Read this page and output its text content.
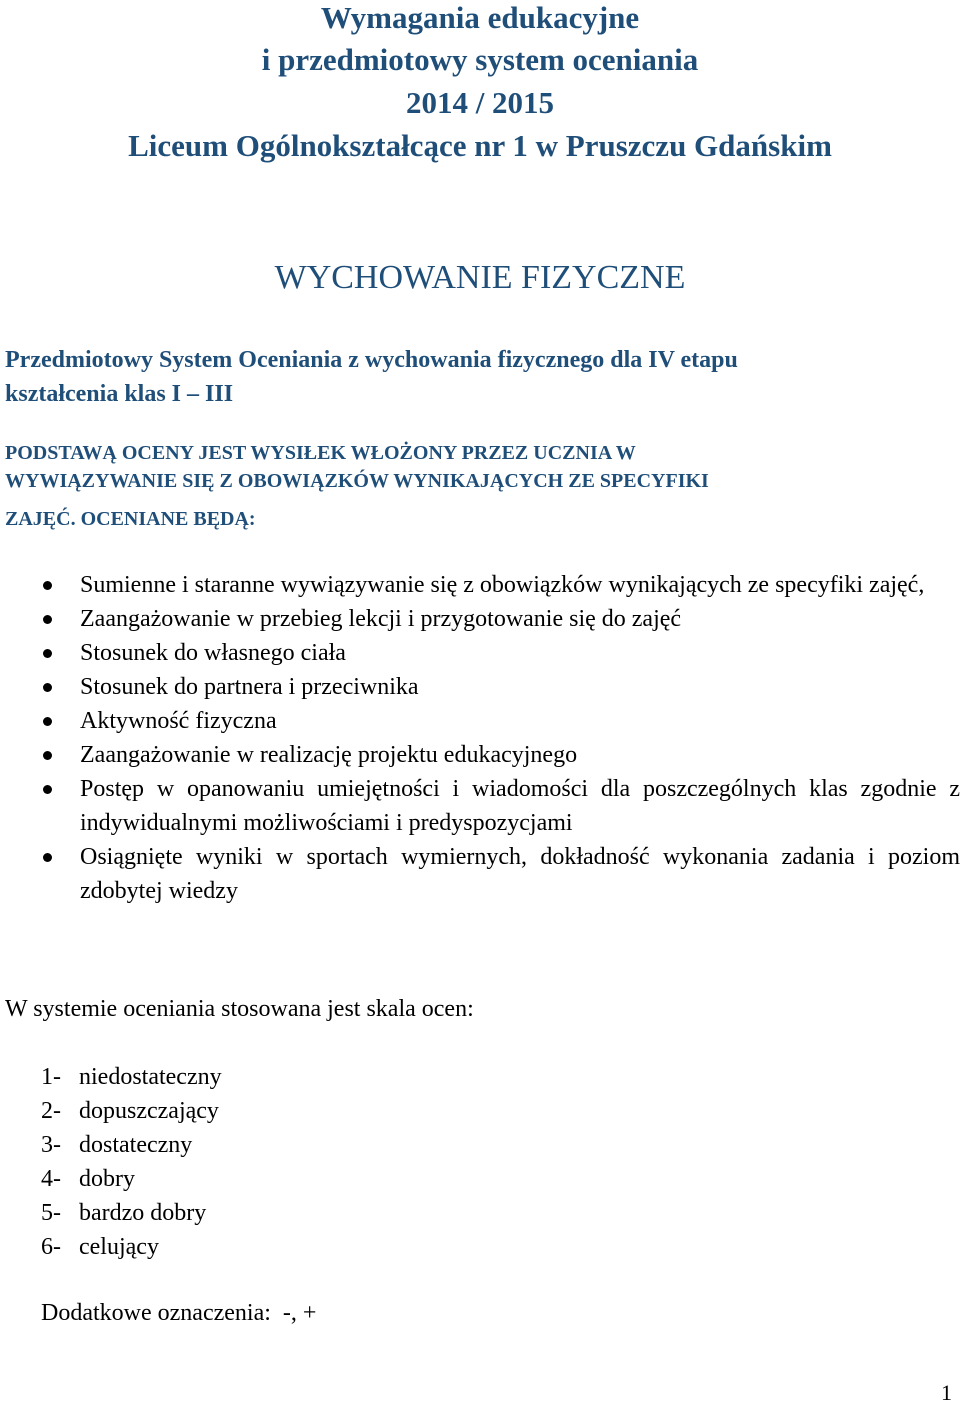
Wymagania edukacyjne
i przedmiotowy system oceniania
2014 / 2015
Liceum Ogólnokształcące nr 1 w Pruszczu Gdańskim
WYCHOWANIE FIZYCZNE
Przedmiotowy System Oceniania z wychowania fizycznego dla IV etapu
kształcenia klas I – III
PODSTAWĄ OCENY JEST WYSIŁEK WŁOŻONY PRZEZ UCZNIA W
WYWIĄZYWANIE SIĘ Z OBOWIĄZKÓW WYNIKAJĄCYCH ZE SPECYFIKI
ZAJĘĆ. OCENIANE BĘDĄ:
Sumienne i staranne wywiązywanie się z obowiązków wynikających ze specyfiki zajęć,
Zaangażowanie w przebieg lekcji i przygotowanie się do zajęć
Stosunek do własnego ciała
Stosunek do partnera i przeciwnika
Aktywność fizyczna
Zaangażowanie w realizację projektu edukacyjnego
Postęp w opanowaniu umiejętności i wiadomości dla poszczególnych klas zgodnie z indywidualnymi możliwościami i predyspozycjami
Osiągnięte wyniki w sportach wymiernych, dokładność wykonania zadania i poziom zdobytej wiedzy
W systemie oceniania stosowana jest skala ocen:
1- niedostateczny
2- dopuszczający
3- dostateczny
4- dobry
5- bardzo dobry
6- celujący
Dodatkowe oznaczenia:  -, +
1
